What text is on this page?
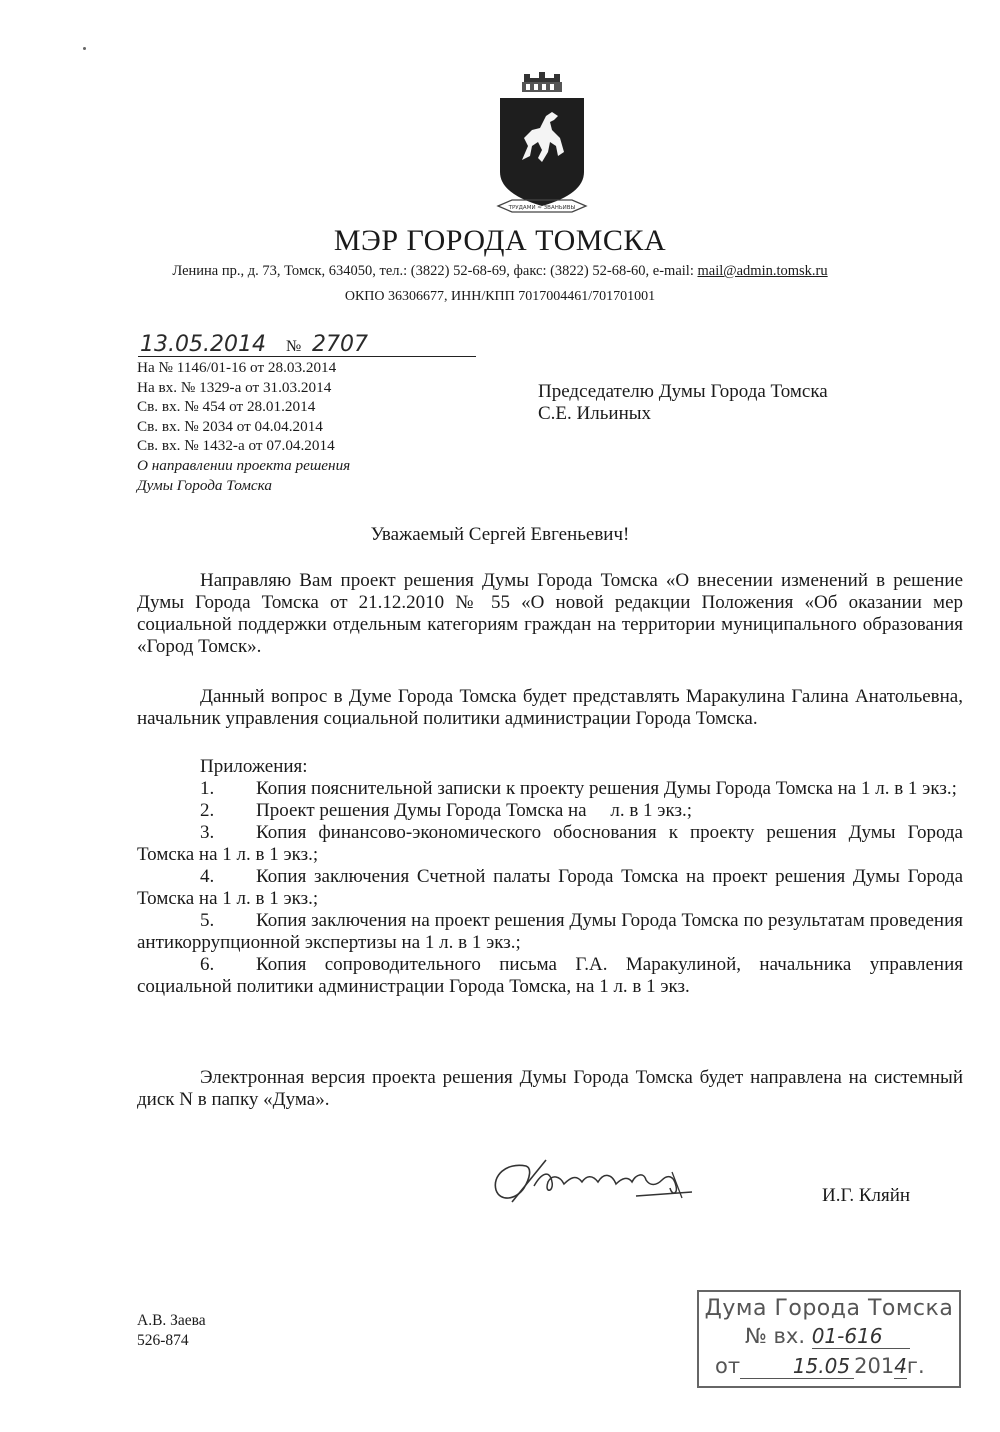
ТРУДАМИ ≈ ЗВАНЬИВЫ
МЭР ГОРОДА ТОМСКА
Ленина пр., д. 73, Томск, 634050, тел.: (3822) 52-68-69, факс: (3822) 52-68-60, e-mail: mail@admin.tomsk.ru
ОКПО 36306677, ИНН/КПП 7017004461/701701001
13.05.2014 № 2707
На № 1146/01-16 от 28.03.2014
На вх. № 1329-а от 31.03.2014
Св. вх. № 454 от 28.01.2014
Св. вх. № 2034 от 04.04.2014
Св. вх. № 1432-а от 07.04.2014
О направлении проекта решения
Думы Города Томска
Председателю Думы Города Томска
С.Е. Ильиных
Уважаемый Сергей Евгеньевич!
Направляю Вам проект решения Думы Города Томска «О внесении изменений в решение Думы Города Томска от 21.12.2010 № 55 «О новой редакции Положения «Об оказании мер социальной поддержки отдельным категориям граждан на территории муниципального образования «Город Томск».
Данный вопрос в Думе Города Томска будет представлять Маракулина Галина Анатольевна, начальник управления социальной политики администрации Города Томска.
Приложения:
1. Копия пояснительной записки к проекту решения Думы Города Томска на 1 л. в 1 экз.;
2. Проект решения Думы Города Томска на     л. в 1 экз.;
3. Копия финансово-экономического обоснования к проекту решения Думы Города Томска на 1 л. в 1 экз.;
4. Копия заключения Счетной палаты Города Томска на проект решения Думы Города Томска на 1 л. в 1 экз.;
5. Копия заключения на проект решения Думы Города Томска по результатам проведения антикоррупционной экспертизы на 1 л. в 1 экз.;
6. Копия сопроводительного письма Г.А. Маракулиной, начальника управления социальной политики администрации Города Томска, на 1 л. в 1 экз.
Электронная версия проекта решения Думы Города Томска будет направлена на системный диск N в папку «Дума».
И.Г. Кляйн
А.В. Заева
526-874
Дума Города Томска
№ вх. 01-616
от	15.05 2014г.
